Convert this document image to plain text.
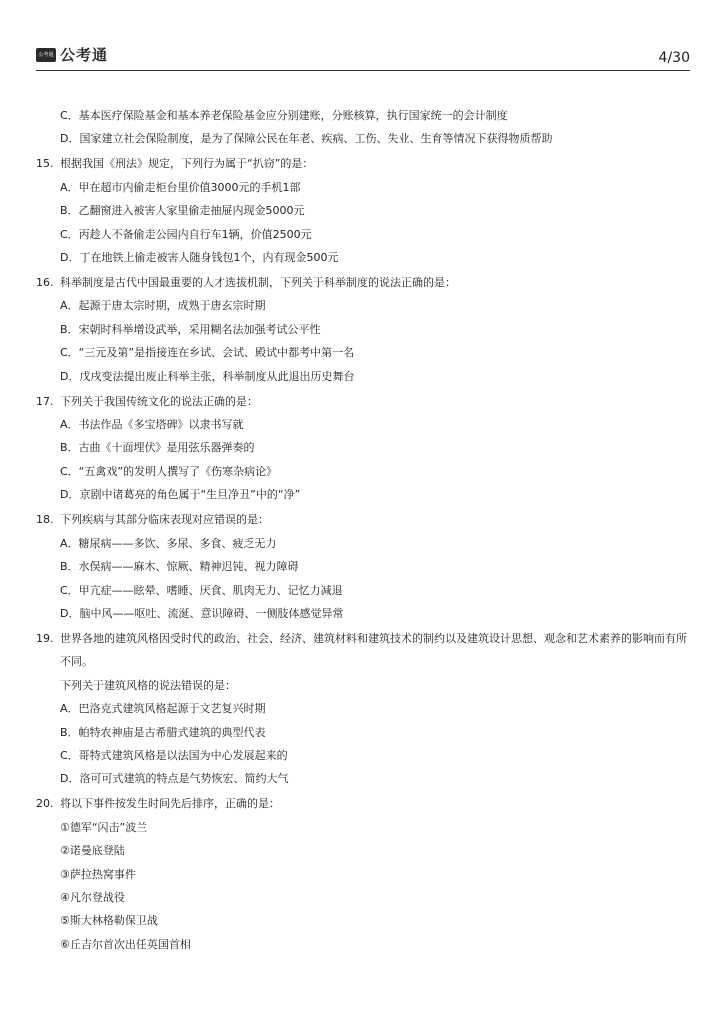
公考通 公考通	4/30
C．基本医疗保险基金和基本养老保险基金应分别建账，分账核算，执行国家统一的会计制度
D．国家建立社会保险制度，是为了保障公民在年老、疾病、工伤、失业、生育等情况下获得物质帮助
15. 根据我国《刑法》规定，下列行为属于“扒窃”的是：
A．甲在超市内偷走柜台里价值3000元的手机1部
B．乙翻窗进入被害人家里偷走抽屉内现金5000元
C．丙趁人不备偷走公园内自行车1辆，价值2500元
D．丁在地铁上偷走被害人随身钱包1个，内有现金500元
16. 科举制度是古代中国最重要的人才选拔机制，下列关于科举制度的说法正确的是：
A．起源于唐太宗时期，成熟于唐玄宗时期
B．宋朝时科举增设武举，采用糊名法加强考试公平性
C．“三元及第”是指接连在乡试、会试、殿试中都考中第一名
D．戊戌变法提出废止科举主张，科举制度从此退出历史舞台
17. 下列关于我国传统文化的说法正确的是：
A．书法作品《多宝塔碑》以隶书写就
B．古曲《十面埋伏》是用弦乐器弹奏的
C．“五禽戏”的发明人撰写了《伤寒杂病论》
D．京剧中诸葛亮的角色属于“生旦净丑”中的“净”
18. 下列疾病与其部分临床表现对应错误的是：
A．糖尿病——多饮、多尿、多食、疲乏无力
B．水俣病——麻木、惊厥、精神迟钝、视力障碍
C．甲亢症——眩晕、嗜睡、厌食、肌肉无力、记忆力减退
D．脑中风——呕吐、流涎、意识障碍、一侧肢体感觉异常
19. 世界各地的建筑风格因受时代的政治、社会、经济、建筑材料和建筑技术的制约以及建筑设计思想、观念和艺术素养的影响而有所不同。
下列关于建筑风格的说法错误的是：
A．巴洛克式建筑风格起源于文艺复兴时期
B．帕特农神庙是古希腊式建筑的典型代表
C．哥特式建筑风格是以法国为中心发展起来的
D．洛可可式建筑的特点是气势恢宏、简约大气
20. 将以下事件按发生时间先后排序，正确的是：
①德军“闪击”波兰
②诺曼底登陆
③萨拉热窝事件
④凡尔登战役
⑤斯大林格勒保卫战
⑥丘吉尔首次出任英国首相
